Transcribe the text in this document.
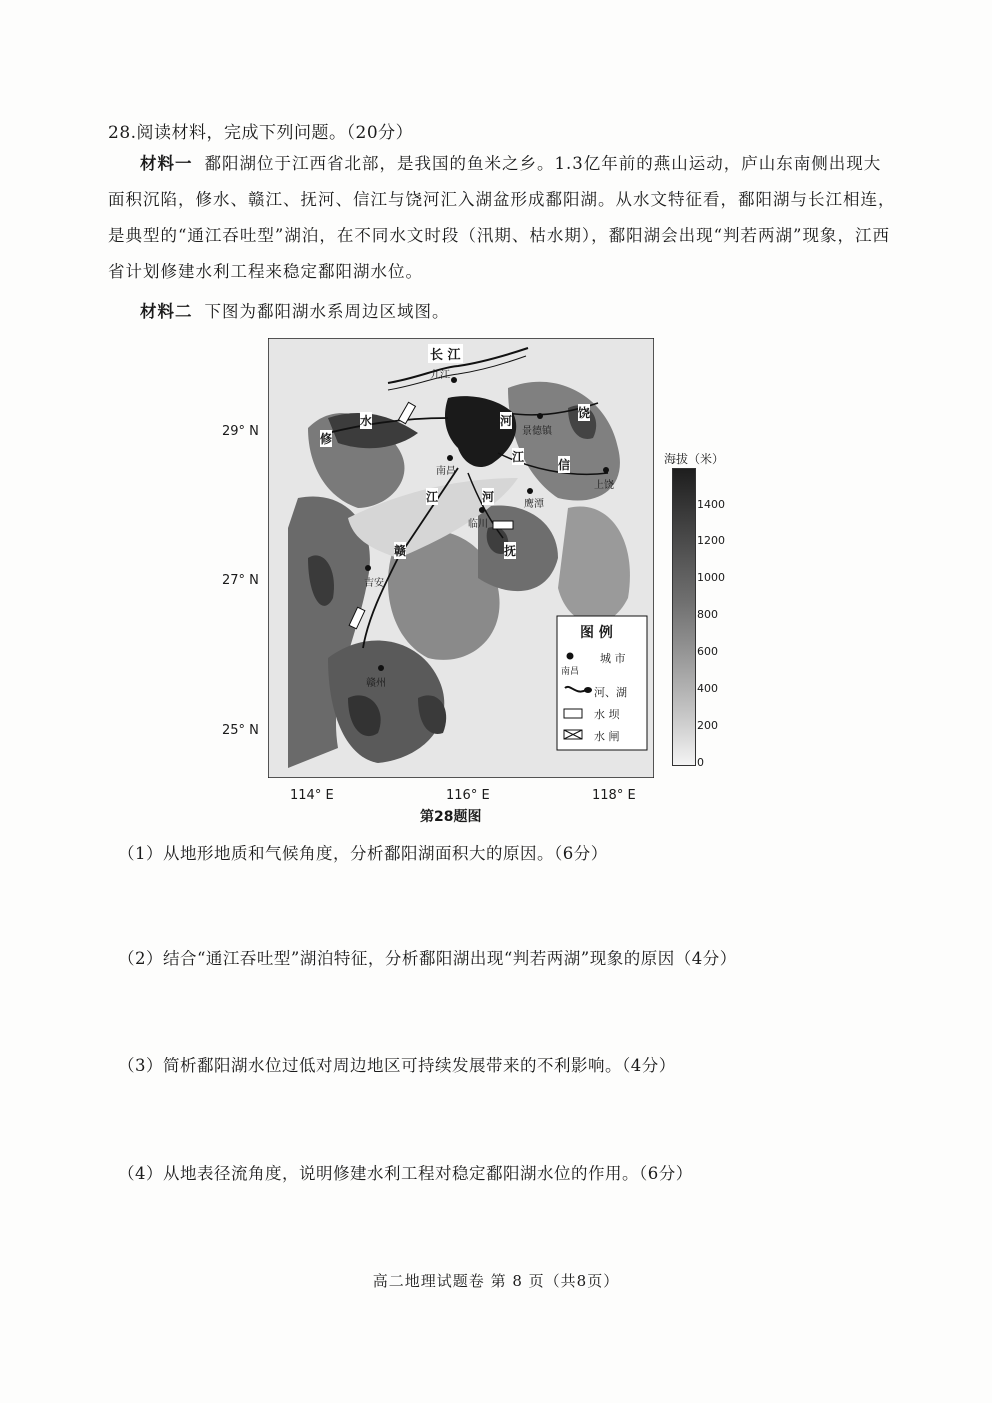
28.阅读材料，完成下列问题。（20分）
材料一 鄱阳湖位于江西省北部，是我国的鱼米之乡。1.3亿年前的燕山运动，庐山东南侧出现大面积沉陷，修水、赣江、抚河、信江与饶河汇入湖盆形成鄱阳湖。从水文特征看，鄱阳湖与长江相连，是典型的“通江吞吐型”湖泊，在不同水文时段（汛期、枯水期），鄱阳湖会出现“判若两湖”现象，江西省计划修建水利工程来稳定鄱阳湖水位。
材料二 下图为鄱阳湖水系周边区域图。
长 江
修
水	河
饶
江
信
江	河
赣	抚
九江
南昌
景德镇
上饶
鹰潭
临川
吉安
赣州
图 例
南昌
城 市
河、湖
水 坝
水 闸
29° N
27° N
25° N
114° E	116° E	118° E
第28题图
海拔（米）
1400
1200
1000
800
600
400
200
0
（1）从地形地质和气候角度，分析鄱阳湖面积大的原因。（6分）
（2）结合“通江吞吐型”湖泊特征，分析鄱阳湖出现“判若两湖”现象的原因（4分）
（3）简析鄱阳湖水位过低对周边地区可持续发展带来的不利影响。（4分）
（4）从地表径流角度，说明修建水利工程对稳定鄱阳湖水位的作用。（6分）
高二地理试题卷 第 8 页（共8页）
